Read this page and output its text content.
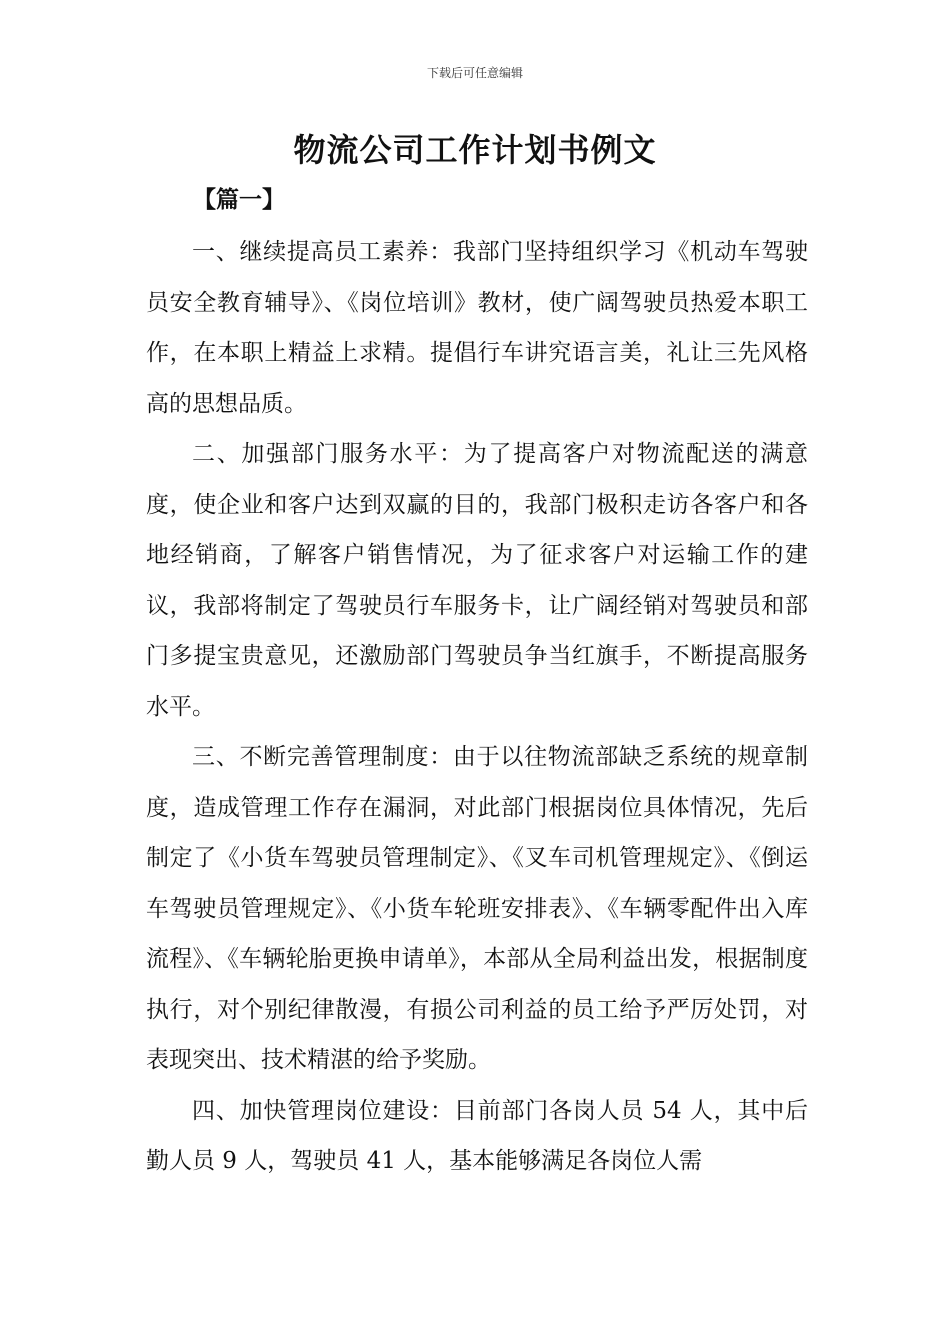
下载后可任意编辑
物流公司工作计划书例文
【篇一】

一、继续提高员工素养：我部门坚持组织学习《机动车驾驶员安全教育辅导》、《岗位培训》教材，使广阔驾驶员热爱本职工作，在本职上精益上求精。提倡行车讲究语言美，礼让三先风格高的思想品质。

二、加强部门服务水平：为了提高客户对物流配送的满意度，使企业和客户达到双赢的目的，我部门极积走访各客户和各地经销商，了解客户销售情况，为了征求客户对运输工作的建议，我部将制定了驾驶员行车服务卡，让广阔经销对驾驶员和部门多提宝贵意见，还激励部门驾驶员争当红旗手，不断提高服务水平。

三、不断完善管理制度：由于以往物流部缺乏系统的规章制度，造成管理工作存在漏洞，对此部门根据岗位具体情况，先后制定了《小货车驾驶员管理制定》、《叉车司机管理规定》、《倒运车驾驶员管理规定》、《小货车轮班安排表》、《车辆零配件出入库流程》、《车辆轮胎更换申请单》，本部从全局利益出发，根据制度执行，对个别纪律散漫，有损公司利益的员工给予严厉处罚，对表现突出、技术精湛的给予奖励。

四、加快管理岗位建设：目前部门各岗人员 54 人，其中后勤人员 9 人，驾驶员 41 人，基本能够满足各岗位人需
